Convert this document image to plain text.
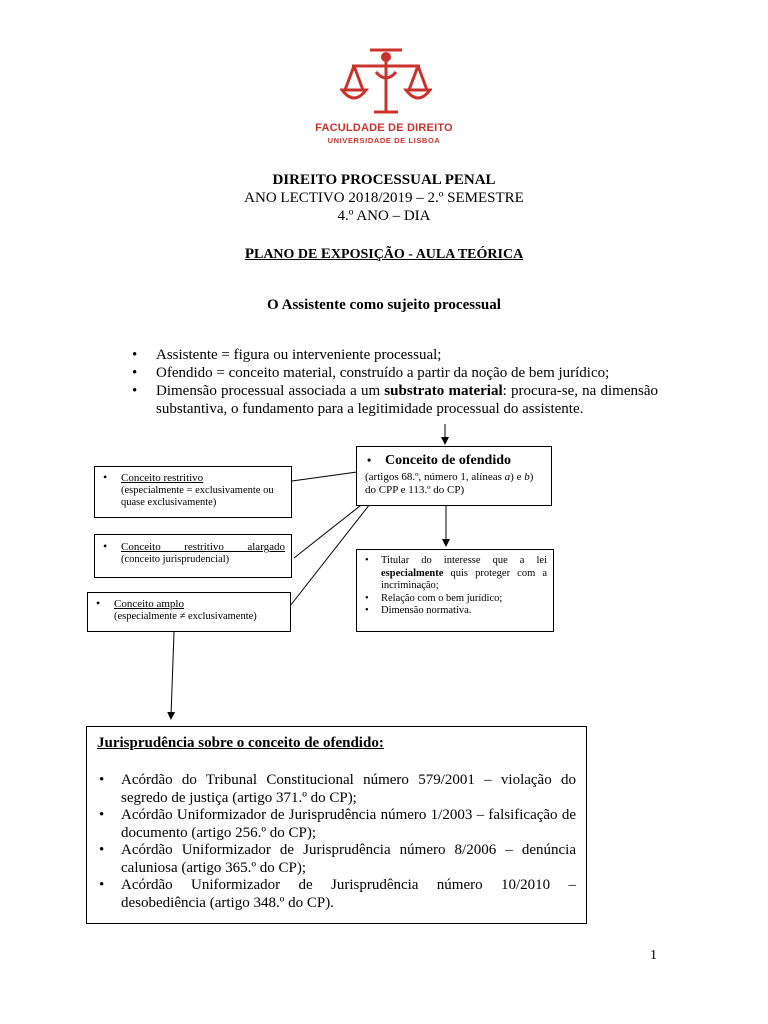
FACULDADE DE DIREITO
UNIVERSIDADE DE LISBOA
DIREITO PROCESSUAL PENAL
ANO LECTIVO 2018/2019 – 2.º SEMESTRE
4.º ANO – DIA
PLANO DE EXPOSIÇÃO - AULA TEÓRICA
O Assistente como sujeito processual
• Assistente = figura ou interveniente processual;
• Ofendido = conceito material, construído a partir da noção de bem jurídico;
• Dimensão processual associada a um substrato material: procura-se, na dimensão substantiva, o fundamento para a legitimidade processual do assistente.
• Conceito de ofendido
(artigos 68.º, número 1, alíneas a) e b) do CPP e 113.º do CP)
• Conceito restritivo
(especialmente = exclusivamente ou quase exclusivamente)
• Conceito restritivo alargado
(conceito jurisprudencial)
• Conceito amplo
(especialmente ≠ exclusivamente)
• Titular do interesse que a lei especialmente quis proteger com a incriminação;
• Relação com o bem jurídico;
• Dimensão normativa.
Jurisprudência sobre o conceito de ofendido:
• Acórdão do Tribunal Constitucional número 579/2001 – violação do segredo de justiça (artigo 371.º do CP);
• Acórdão Uniformizador de Jurisprudência número 1/2003 – falsificação de documento (artigo 256.º do CP);
• Acórdão Uniformizador de Jurisprudência número 8/2006 – denúncia caluniosa (artigo 365.º do CP);
• Acórdão Uniformizador de Jurisprudência número 10/2010 – desobediência (artigo 348.º do CP).
1
